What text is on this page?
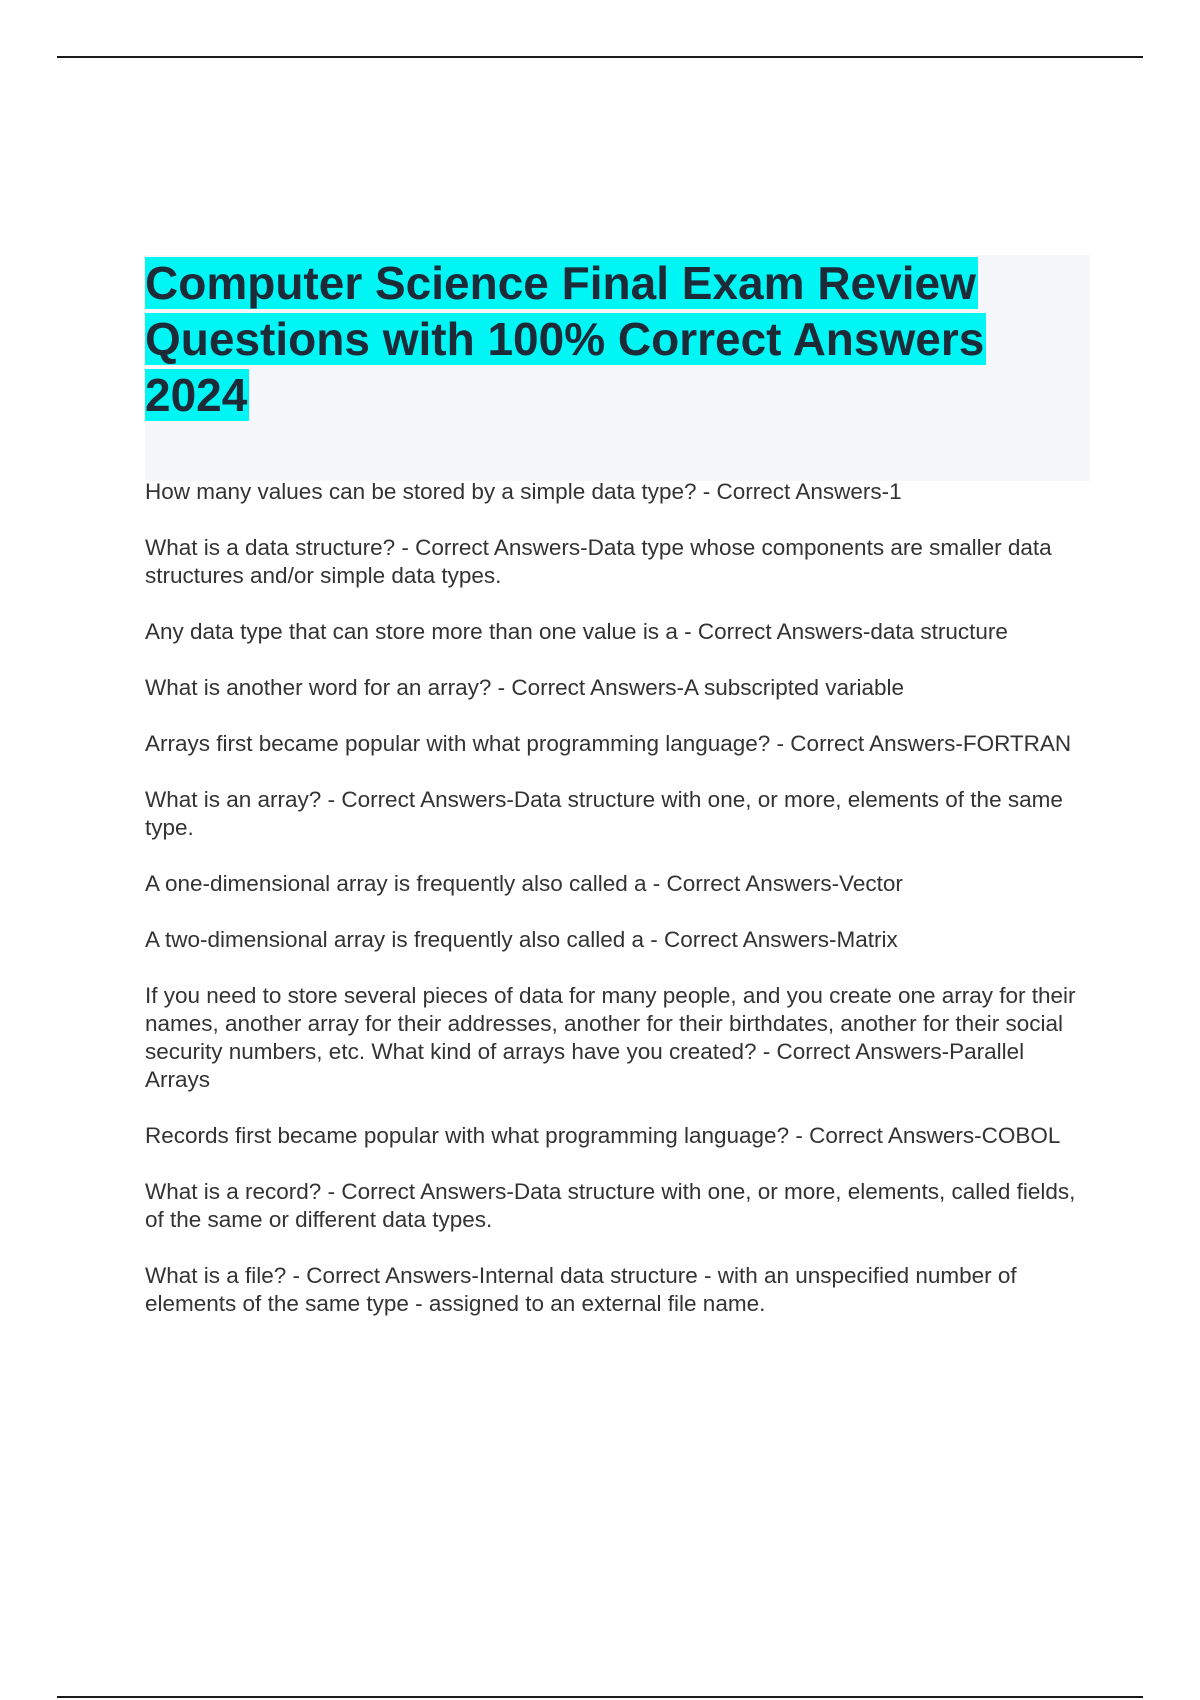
Computer Science Final Exam Review Questions with 100% Correct Answers 2024
How many values can be stored by a simple data type? - Correct Answers-1
What is a data structure? - Correct Answers-Data type whose components are smaller data structures and/or simple data types.
Any data type that can store more than one value is a - Correct Answers-data structure
What is another word for an array? - Correct Answers-A subscripted variable
Arrays first became popular with what programming language? - Correct Answers-FORTRAN
What is an array? - Correct Answers-Data structure with one, or more, elements of the same type.
A one-dimensional array is frequently also called a - Correct Answers-Vector
A two-dimensional array is frequently also called a - Correct Answers-Matrix
If you need to store several pieces of data for many people, and you create one array for their names, another array for their addresses, another for their birthdates, another for their social security numbers, etc. What kind of arrays have you created? - Correct Answers-Parallel Arrays
Records first became popular with what programming language? - Correct Answers-COBOL
What is a record? - Correct Answers-Data structure with one, or more, elements, called fields, of the same or different data types.
What is a file? - Correct Answers-Internal data structure - with an unspecified number of elements of the same type - assigned to an external file name.
